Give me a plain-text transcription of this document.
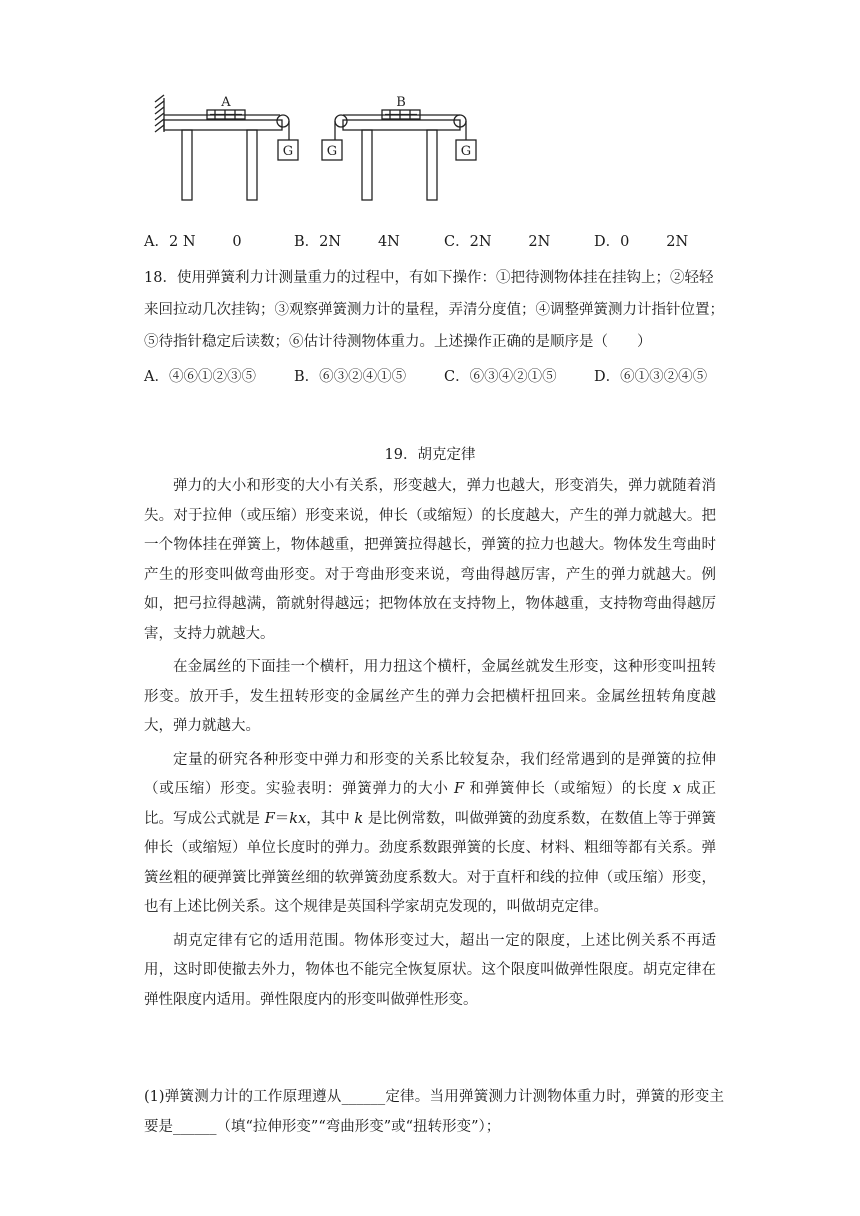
A	B
G	G	G
A．2 N        0	B．2N        4N	C．2N        2N	D．0        2N
18．使用弹簧利力计测量重力的过程中，有如下操作：①把待测物体挂在挂钩上；②轻轻来回拉动几次挂钩；③观察弹簧测力计的量程，弄清分度值；④调整弹簧测力计指针位置；⑤待指针稳定后读数；⑥估计待测物体重力。上述操作正确的是顺序是（　　）
A．④⑥①②③⑤	B．⑥③②④①⑤	C．⑥③④②①⑤	D．⑥①③②④⑤
19．胡克定律

弹力的大小和形变的大小有关系，形变越大，弹力也越大，形变消失，弹力就随着消失。对于拉伸（或压缩）形变来说，伸长（或缩短）的长度越大，产生的弹力就越大。把一个物体挂在弹簧上，物体越重，把弹簧拉得越长，弹簧的拉力也越大。物体发生弯曲时产生的形变叫做弯曲形变。对于弯曲形变来说，弯曲得越厉害，产生的弹力就越大。例如，把弓拉得越满，箭就射得越远；把物体放在支持物上，物体越重，支持物弯曲得越厉害，支持力就越大。

在金属丝的下面挂一个横杆，用力扭这个横杆，金属丝就发生形变，这种形变叫扭转形变。放开手，发生扭转形变的金属丝产生的弹力会把横杆扭回来。金属丝扭转角度越大，弹力就越大。

定量的研究各种形变中弹力和形变的关系比较复杂，我们经常遇到的是弹簧的拉伸（或压缩）形变。实验表明：弹簧弹力的大小 F 和弹簧伸长（或缩短）的长度 x 成正比。写成公式就是 F＝kx，其中 k 是比例常数，叫做弹簧的劲度系数，在数值上等于弹簧伸长（或缩短）单位长度时的弹力。劲度系数跟弹簧的长度、材料、粗细等都有关系。弹簧丝粗的硬弹簧比弹簧丝细的软弹簧劲度系数大。对于直杆和线的拉伸（或压缩）形变，也有上述比例关系。这个规律是英国科学家胡克发现的，叫做胡克定律。

胡克定律有它的适用范围。物体形变过大，超出一定的限度，上述比例关系不再适用，这时即使撤去外力，物体也不能完全恢复原状。这个限度叫做弹性限度。胡克定律在弹性限度内适用。弹性限度内的形变叫做弹性形变。

(1)弹簧测力计的工作原理遵从______定律。当用弹簧测力计测物体重力时，弹簧的形变主要是______（填“拉伸形变”“弯曲形变”或“扭转形变”）；
